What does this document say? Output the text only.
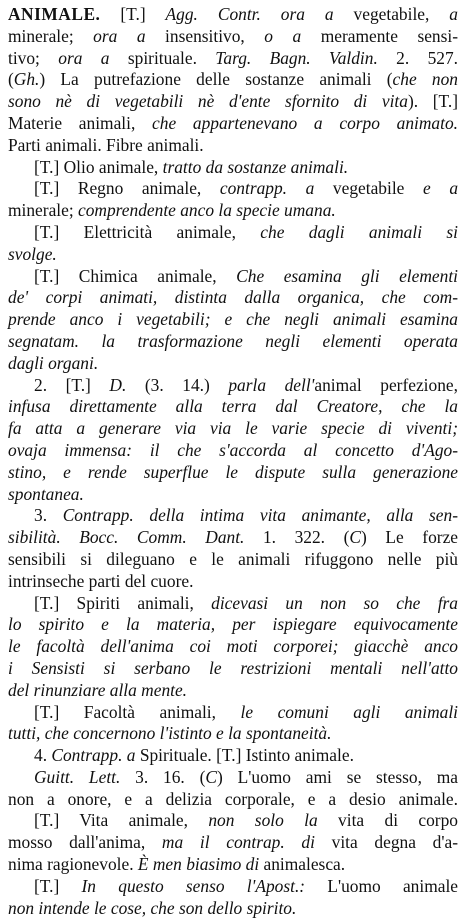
ANIMALE. [T.] Agg. Contr. ora a vegetabile, a
minerale; ora a insensitivo, o a meramente sensi-
tivo; ora a spirituale. Targ. Bagn. Valdin. 2. 527.
(Gh.) La putrefazione delle sostanze animali (che non
sono nè di vegetabili nè d'ente sfornito di vita). [T.]
Materie animali, che appartenevano a corpo animato.
Parti animali. Fibre animali.
[T.] Olio animale, tratto da sostanze animali.
[T.] Regno animale, contrapp. a vegetabile e a
minerale; comprendente anco la specie umana.
[T.] Elettricità animale, che dagli animali si
svolge.
[T.] Chimica animale, Che esamina gli elementi
de' corpi animati, distinta dalla organica, che com-
prende anco i vegetabili; e che negli animali esamina
segnatam. la trasformazione negli elementi operata
dagli organi.
2. [T.] D. (3. 14.) parla dell'animal perfezione,
infusa direttamente alla terra dal Creatore, che la
fa atta a generare via via le varie specie di viventi;
ovaja immensa: il che s'accorda al concetto d'Ago-
stino, e rende superflue le dispute sulla generazione
spontanea.
3. Contrapp. della intima vita animante, alla sen-
sibilità. Bocc. Comm. Dant. 1. 322. (C) Le forze
sensibili si dileguano e le animali rifuggono nelle più
intrinseche parti del cuore.
[T.] Spiriti animali, dicevasi un non so che fra
lo spirito e la materia, per ispiegare equivocamente
le facoltà dell'anima coi moti corporei; giacchè anco
i Sensisti si serbano le restrizioni mentali nell'atto
del rinunziare alla mente.
[T.] Facoltà animali, le comuni agli animali
tutti, che concernono l'istinto e la spontaneità.
4. Contrapp. a Spirituale. [T.] Istinto animale.
Guitt. Lett. 3. 16. (C) L'uomo ami se stesso, ma
non a onore, e a delizia corporale, e a desio animale.
[T.] Vita animale, non solo la vita di corpo
mosso dall'anima, ma il contrap. di vita degna d'a-
nima ragionevole. È men biasimo di animalesca.
[T.] In questo senso l'Apost.: L'uomo animale
non intende le cose, che son dello spirito.
